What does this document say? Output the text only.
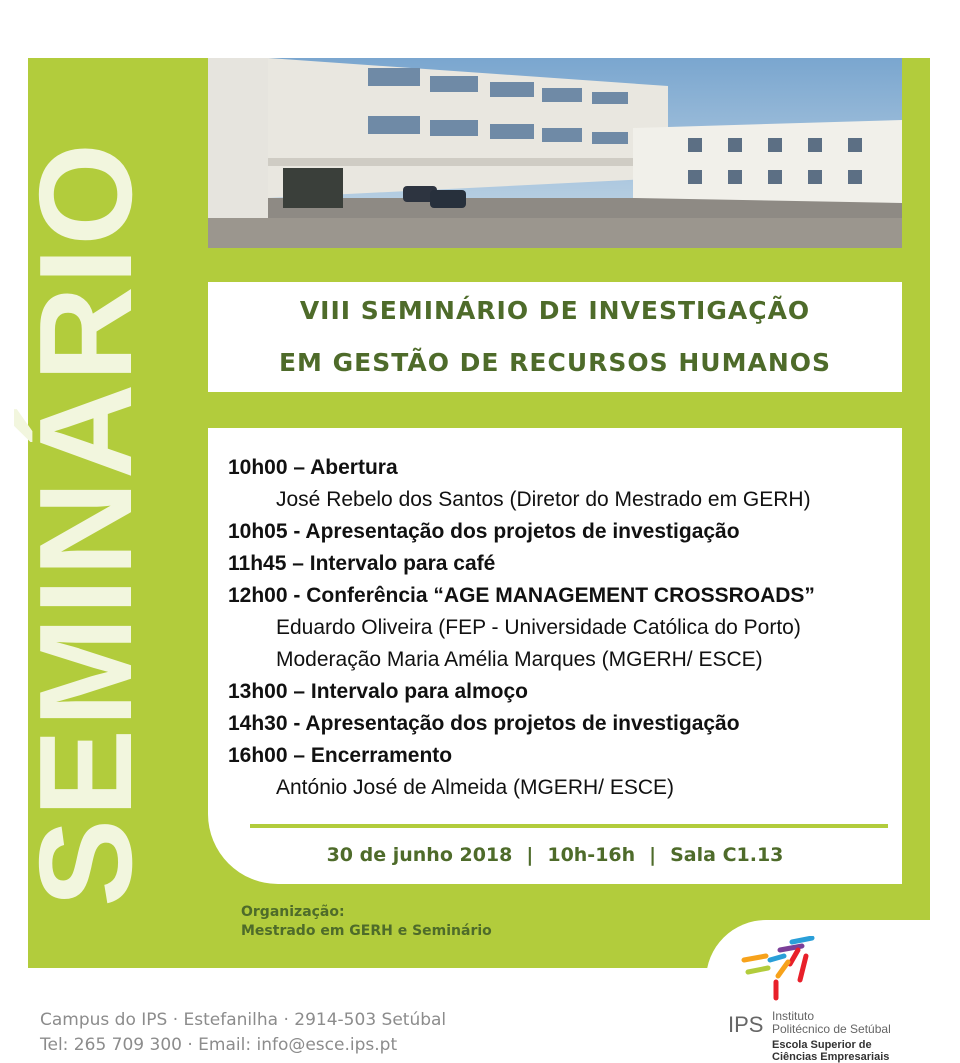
SEMINÁRIO	VIII SEMINÁRIO DE INVESTIGAÇÃO
EM GESTÃO DE RECURSOS HUMANOS
10h00 – Abertura
José Rebelo dos Santos (Diretor do Mestrado em GERH)
10h05 - Apresentação dos projetos de investigação
11h45 – Intervalo para café
12h00 - Conferência “AGE MANAGEMENT CROSSROADS”
Eduardo Oliveira (FEP - Universidade Católica do Porto)
Moderação Maria Amélia Marques (MGERH/ ESCE)
13h00 – Intervalo para almoço
14h30 - Apresentação dos projetos de investigação
16h00 – Encerramento
António José de Almeida (MGERH/ ESCE)
30 de junho 2018 | 10h-16h | Sala C1.13
Organização:
Mestrado em GERH e Seminário
IPS Instituto
Politécnico de Setúbal
Escola Superior de
Ciências Empresariais
Campus do IPS · Estefanilha · 2914-503 Setúbal
Tel: 265 709 300 · Email: info@esce.ips.pt
